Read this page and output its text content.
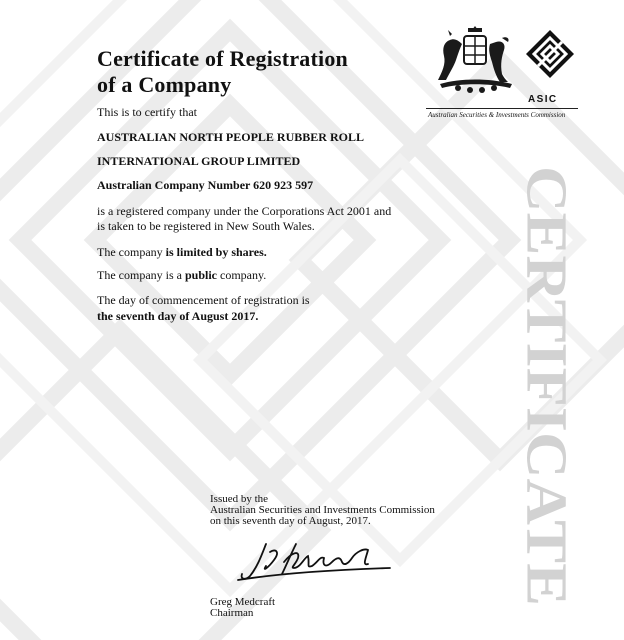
Certificate of Registration
of a Company

This is to certify that

AUSTRALIAN NORTH PEOPLE RUBBER ROLL

INTERNATIONAL GROUP LIMITED

Australian Company Number 620 923 597

is a registered company under the Corporations Act 2001 and

is taken to be registered in New South Wales.

The company is limited by shares.

The company is a public company.

The day of commencement of registration is

the seventh day of August 2017.

ASIC

Australian Securities & Investments Commission

CERTIFICATE
Issued by the
Australian Securities and Investments Commission
on this seventh day of August, 2017.
Greg Medcraft
Chairman
